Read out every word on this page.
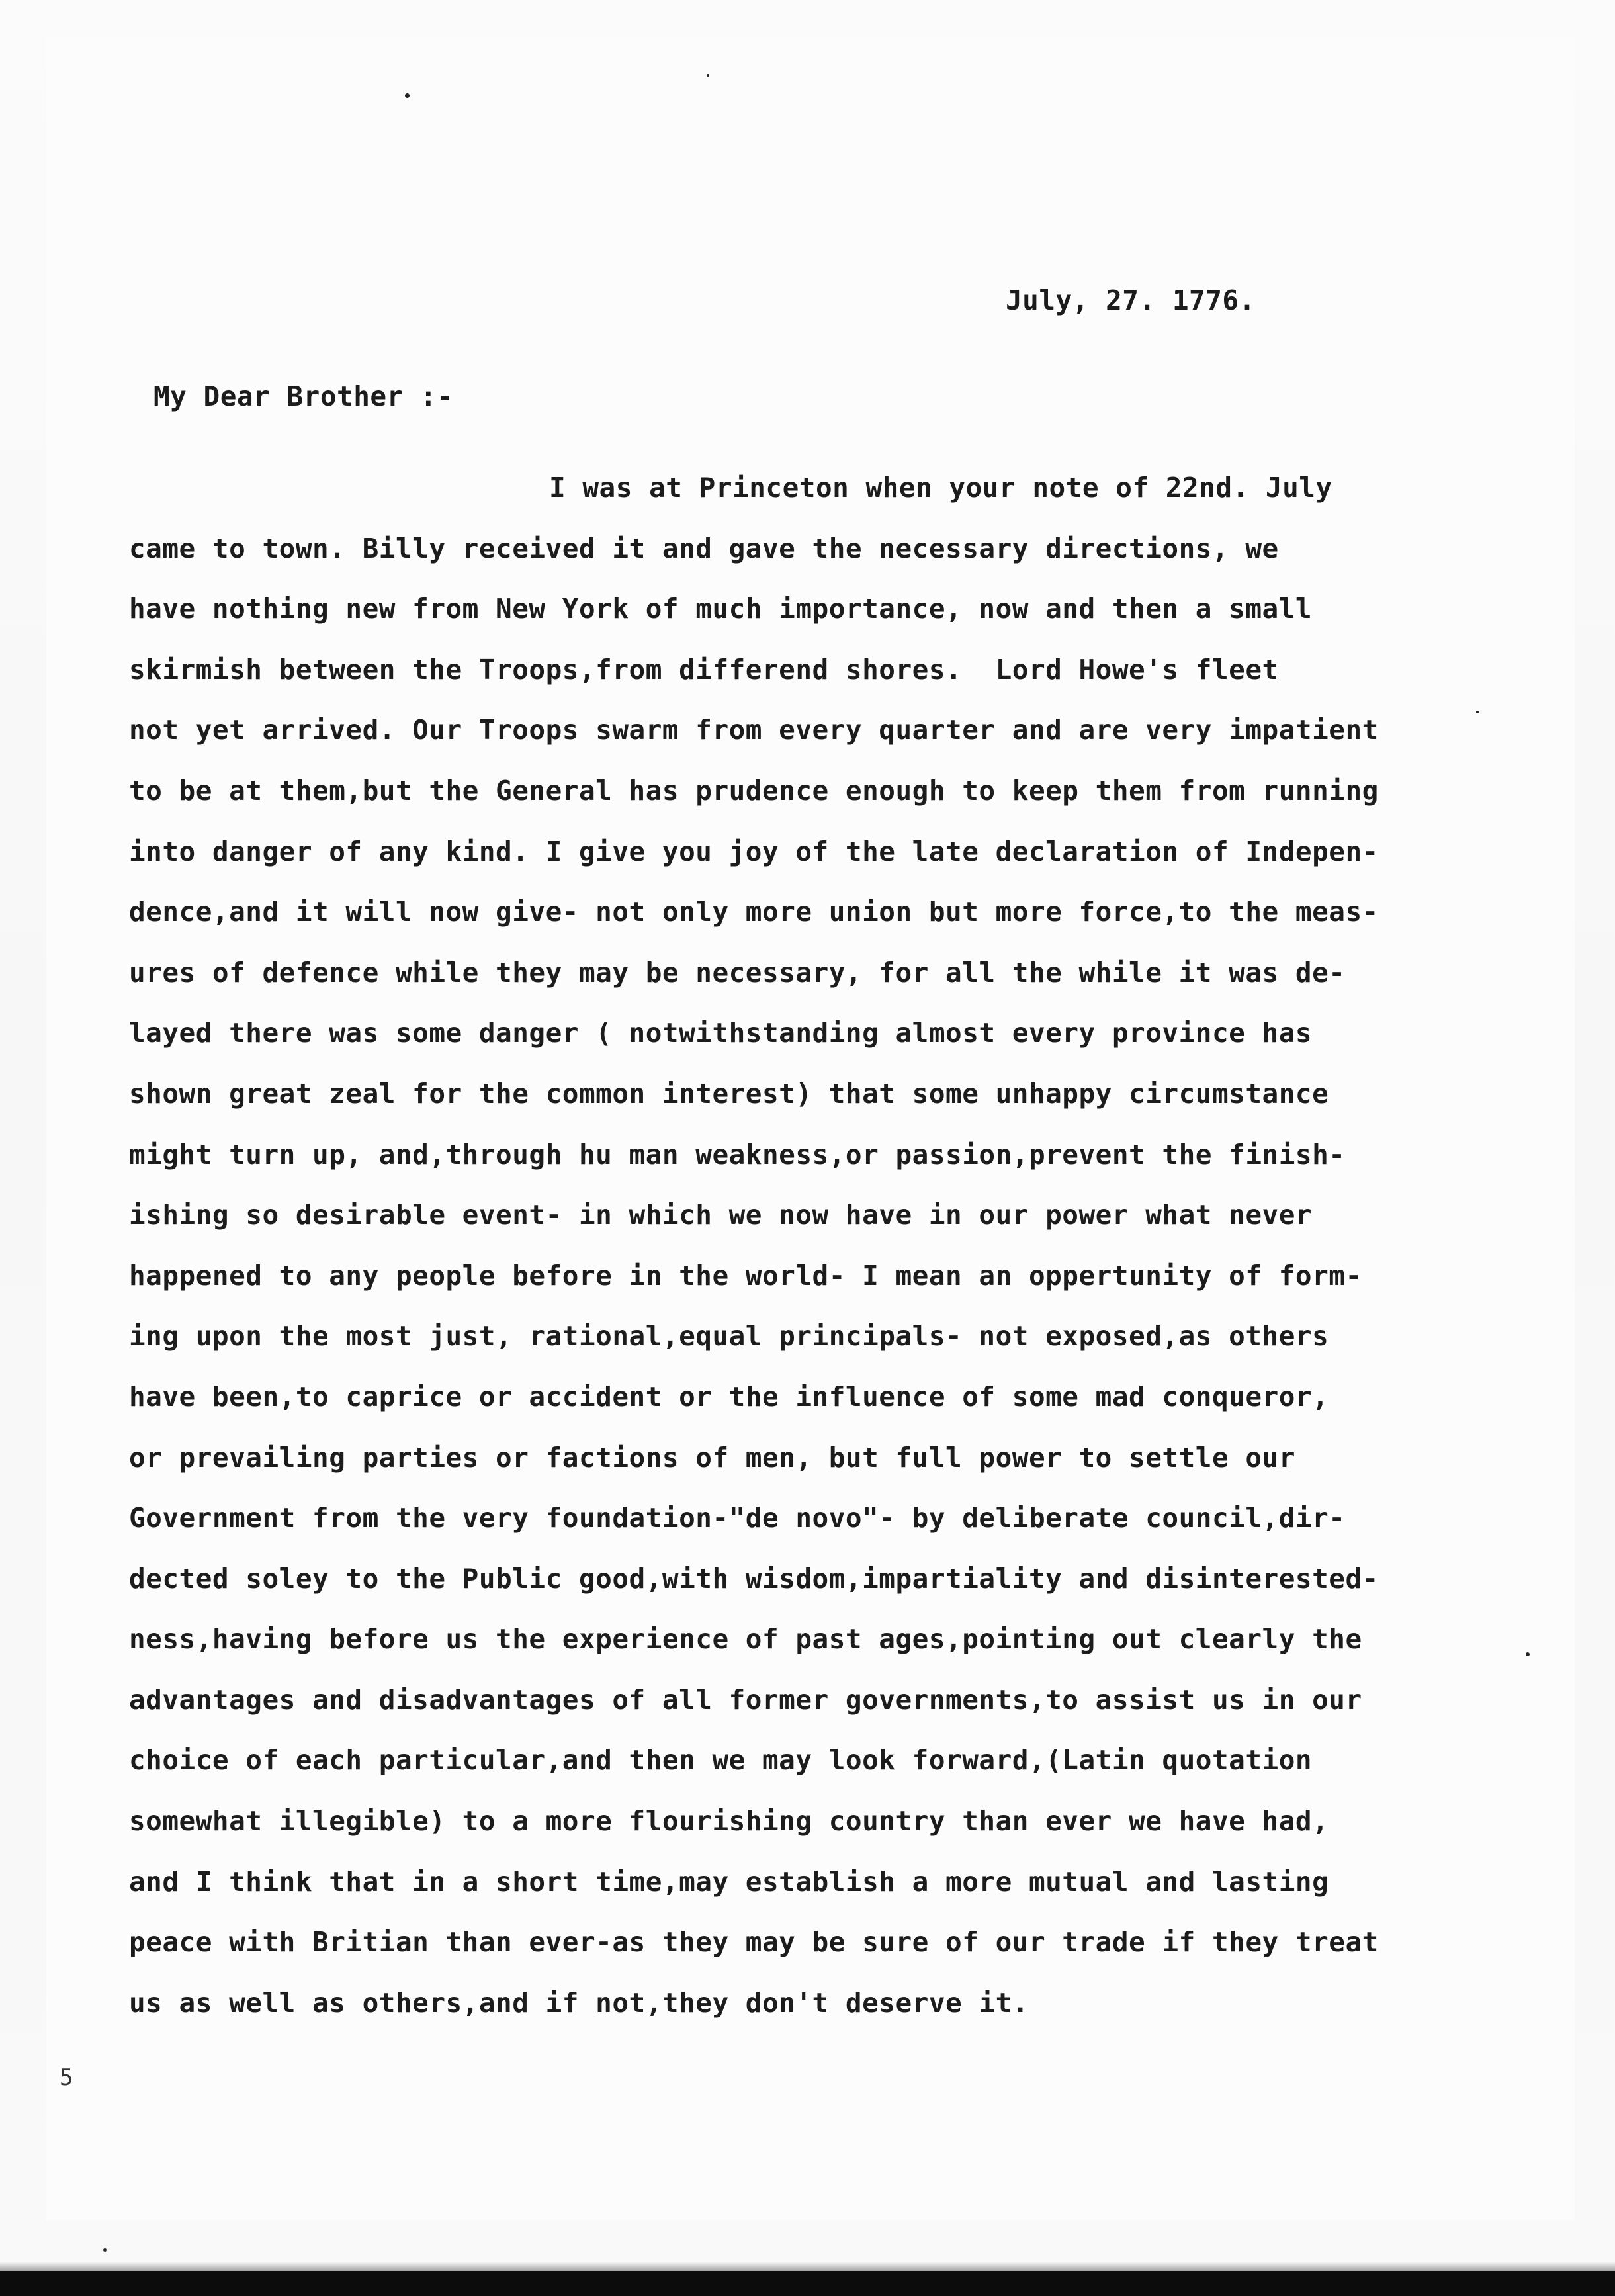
July, 27. 1776.
My Dear Brother :-
I was at Princeton when your note of 22nd. July
came to town. Billy received it and gave the necessary directions, we
have nothing new from New York of much importance, now and then a small
skirmish between the Troops,from differend shores.  Lord Howe's fleet
not yet arrived. Our Troops swarm from every quarter and are very impatient
to be at them,but the General has prudence enough to keep them from running
into danger of any kind. I give you joy of the late declaration of Indepen-
dence,and it will now give- not only more union but more force,to the meas-
ures of defence while they may be necessary, for all the while it was de-
layed there was some danger ( notwithstanding almost every province has
shown great zeal for the common interest) that some unhappy circumstance
might turn up, and,through hu man weakness,or passion,prevent the finish-
ishing so desirable event- in which we now have in our power what never
happened to any people before in the world- I mean an oppertunity of form-
ing upon the most just, rational,equal principals- not exposed,as others
have been,to caprice or accident or the influence of some mad conqueror,
or prevailing parties or factions of men, but full power to settle our
Government from the very foundation-"de novo"- by deliberate council,dir-
dected soley to the Public good,with wisdom,impartiality and disinterested-
ness,having before us the experience of past ages,pointing out clearly the
advantages and disadvantages of all former governments,to assist us in our
choice of each particular,and then we may look forward,(Latin quotation
somewhat illegible) to a more flourishing country than ever we have had,
and I think that in a short time,may establish a more mutual and lasting
peace with Britian than ever-as they may be sure of our trade if they treat
us as well as others,and if not,they don't deserve it.
5
